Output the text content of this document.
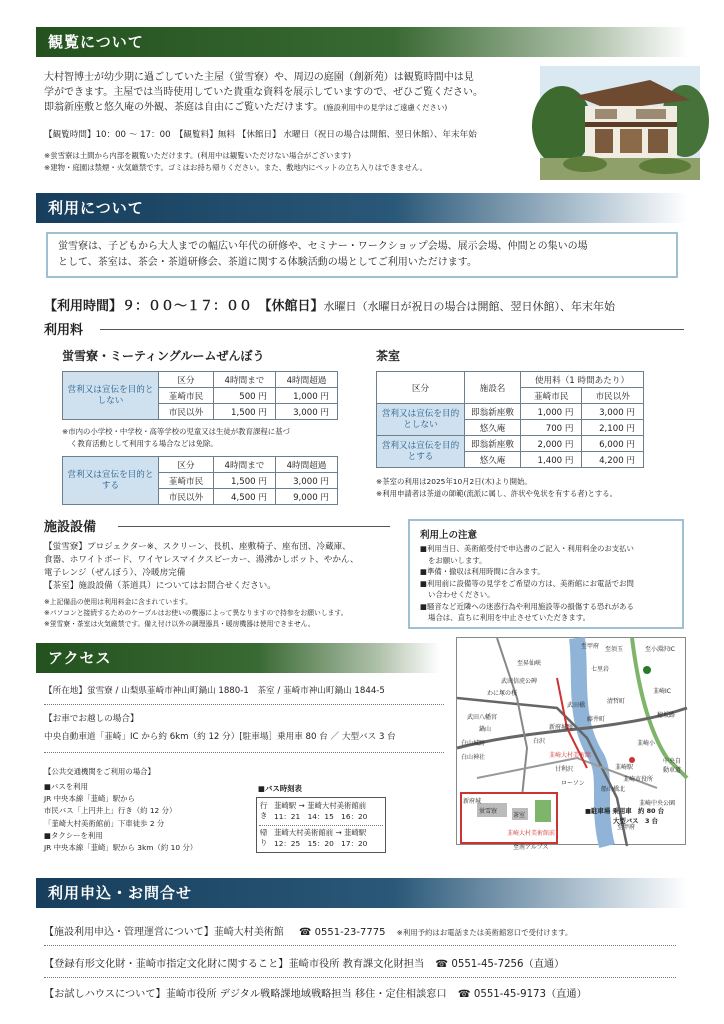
観覧について
大村智博士が幼少期に過ごしていた主屋（蛍雪寮）や、周辺の庭園（創新苑）は観覧時間中は見
学ができます。主屋では当時使用していた貴重な資料を展示していますので、ぜひご覧ください。
即翁新座敷と悠久庵の外観、茶庭は自由にご覧いただけます。(施設利用中の見学はご遠慮ください)
【観覧時間】10：00 ～ 17：00　【観覧料】無料 【休館日】 水曜日（祝日の場合は開館、翌日休館）、年末年始
※蛍雪寮は土間から内部を観覧いただけます。(利用中は観覧いただけない場合がございます)
※建物・庭園は禁煙・火気厳禁です。ゴミはお持ち帰りください。また、敷地内にペットの立ち入りはできません。
利用について
蛍雪寮は、子どもから大人までの幅広い年代の研修や、セミナー・ワークショップ会場、展示会場、仲間との集いの場
として、茶室は、茶会・茶道研修会、茶道に関する体験活動の場としてご利用いただけます。
【利用時間】９：００～１７：００　【休館日】水曜日（水曜日が祝日の場合は開館、翌日休館）、年末年始
利用料
蛍雪寮・ミーティングルームぜんぼう
営利又は宣伝を目的としない	区分	4時間まで	4時間超過
	韮崎市民	500 円	1,000 円
	市民以外	1,500 円	3,000 円
※市内の小学校・中学校・高等学校の児童又は生徒が教育課程に基づ
く教育活動として利用する場合などは免除。
営利又は宣伝を目的とする	区分	4時間まで	4時間超過
	韮崎市民	1,500 円	3,000 円
	市民以外	4,500 円	9,000 円
茶室
区分	施設名	使用料（1 時間あたり）	
		韮崎市民	市民以外
営利又は宣伝を目的としない	即翁新座敷	1,000 円	3,000 円
	悠久庵	700 円	2,100 円
営利又は宣伝を目的とする	即翁新座敷	2,000 円	6,000 円
	悠久庵	1,400 円	4,200 円
※茶室の利用は2025年10月2日(木)より開始。
※利用申請者は茶道の師範(流派に属し、許状や免状を有する者)とする。
施設設備
【蛍雪寮】プロジェクター※、スクリーン、長机、座敷椅子、座布団、冷蔵庫、
食器、ホワイトボード、ワイヤレスマイクスピーカー、湯沸かしポット、やかん、
電子レンジ（ぜんぼう）、冷暖房完備
【茶室】施設設備（茶道具）についてはお問合せください。
※上記備品の使用は利用料金に含まれています。
※パソコンと接続するためのケーブルはお使いの機器によって異なりますので持参をお願いします。
※蛍雪寮・茶室は火気厳禁です。備え付け以外の調理器具・暖房機器は使用できません。
利用上の注意
■利用当日、美術館受付で申込書のご記入・利用料金のお支払い
をお願いします。
■準備・撤収は利用時間に含みます。
■利用前に設備等の見学をご希望の方は、美術館にお電話でお問
い合わせください。
■騒音など近隣への迷惑行為や利用施設等の損傷する恐れがある
場合は、直ちに利用を中止させていただきます。
アクセス
【所在地】蛍雪寮 / 山梨県韮崎市神山町鍋山 1880-1　茶室 / 韮崎市神山町鍋山 1844-5
【お車でお越しの場合】
中央自動車道「韮崎」IC から約 6km（約 12 分）[駐車場］乗用車 80 台 ／ 大型バス 3 台
【公共交通機関をご利用の場合】
■バスを利用
JR 中央本線「韮崎」駅から
市民バス「上円井上」行き（約 12 分）
「韮崎大村美術館前」下車徒歩 2 分
■タクシーを利用
JR 中央本線「韮崎」駅から 3km（約 10 分）
■バス時刻表
行き
韮崎駅 → 韮崎大村美術館前
11：21　14：15　16：20
帰り
韮崎大村美術館前 → 韮崎駅
12：25　15：20　17：20
至甲府
七里岩
至小淵沢IC
至須玉
武田信虎公碑
わに塚の桜
武田八幡宮
白山城跡
白山神社	韮崎大村美術館
白沢
甘利沢
ローソン
新府城跡
韮崎IC
穂坂路
韮崎小
船山橋北
至甲府
中央自動車道
韮崎駅
新府城
蛍雪寮
茶室
韮崎大村美術館前
藤井町
清哲町
韮崎市役所
至南アルプス
至昇仙峡
鍋山
武田橋
韮崎中央公園
■駐車場 乗用車　約 80 台
大型バス　3 台
利用申込・お問合せ
【施設利用申込・管理運営について】韮崎大村美術館 ☎ 0551-23-7775 ※利用予約はお電話または美術館窓口で受付けます。
【登録有形文化財・韮崎市指定文化財に関すること】韮崎市役所 教育課文化財担当 ☎ 0551-45-7256（直通）
【お試しハウスについて】韮崎市役所 デジタル戦略課地域戦略担当 移住・定住相談窓口 ☎ 0551-45-9173（直通）
